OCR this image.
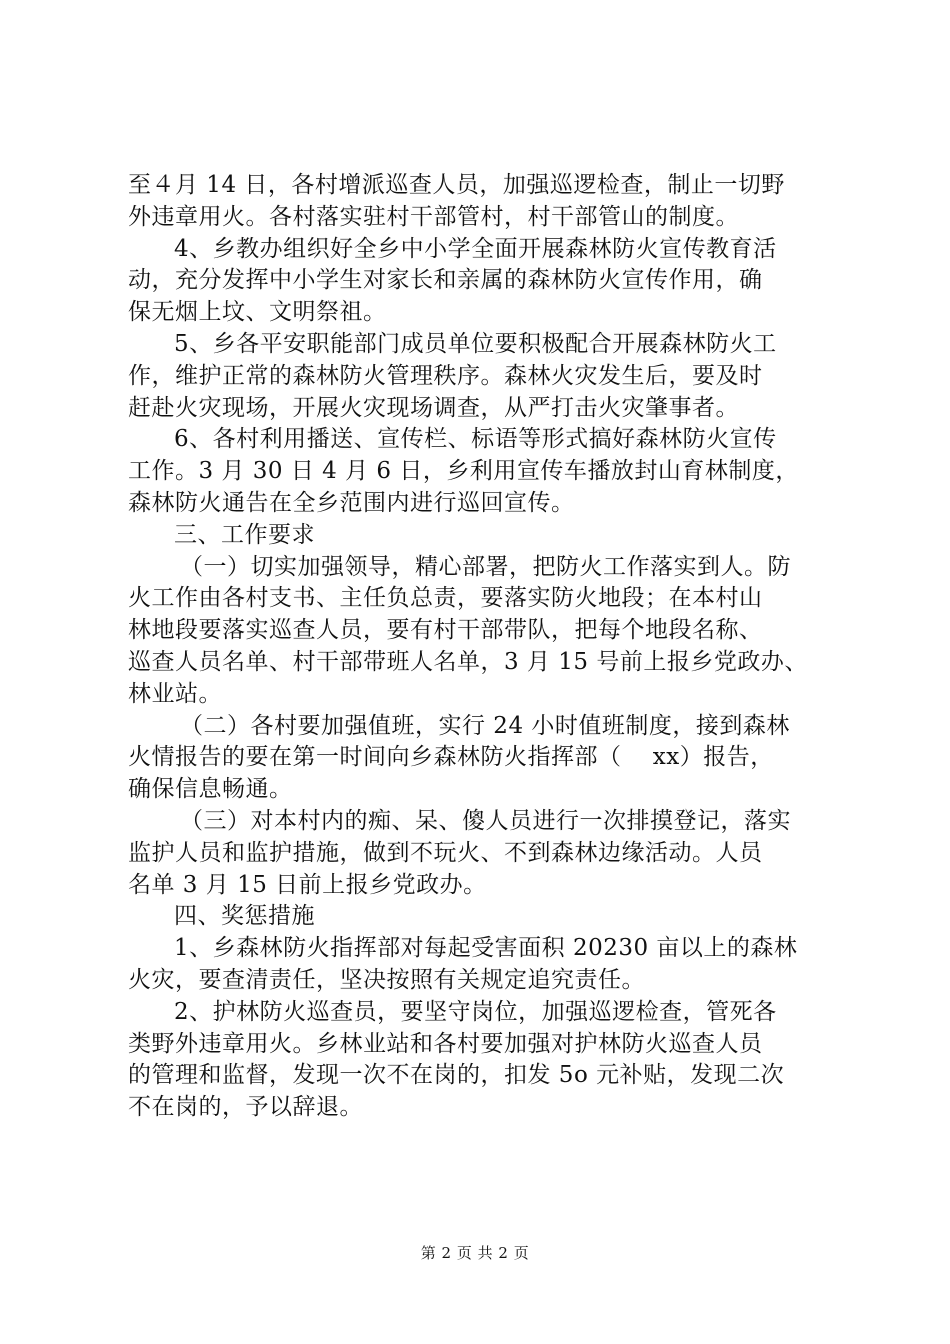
至４月 14 日，各村增派巡查人员，加强巡逻检查，制止一切野
外违章用火。各村落实驻村干部管村，村干部管山的制度。
4、乡教办组织好全乡中小学全面开展森林防火宣传教育活
动，充分发挥中小学生对家长和亲属的森林防火宣传作用，确
保无烟上坟、文明祭祖。
5、乡各平安职能部门成员单位要积极配合开展森林防火工
作，维护正常的森林防火管理秩序。森林火灾发生后，要及时
赶赴火灾现场，开展火灾现场调查，从严打击火灾肇事者。
6、各村利用播送、宣传栏、标语等形式搞好森林防火宣传
工作。3 月 30 日 4 月 6 日，乡利用宣传车播放封山育林制度，
森林防火通告在全乡范围内进行巡回宣传。
三、工作要求
（一）切实加强领导，精心部署，把防火工作落实到人。防
火工作由各村支书、主任负总责，要落实防火地段；在本村山
林地段要落实巡查人员，要有村干部带队，把每个地段名称、
巡查人员名单、村干部带班人名单，3 月 15 号前上报乡党政办、
林业站。
（二）各村要加强值班，实行 24 小时值班制度，接到森林
火情报告的要在第一时间向乡森林防火指挥部（　 xx）报告，
确保信息畅通。
（三）对本村内的痴、呆、傻人员进行一次排摸登记，落实
监护人员和监护措施，做到不玩火、不到森林边缘活动。人员
名单 3 月 15 日前上报乡党政办。
四、奖惩措施
1、乡森林防火指挥部对每起受害面积 20230 亩以上的森林
火灾，要查清责任，坚决按照有关规定追究责任。
2、护林防火巡查员，要坚守岗位，加强巡逻检查，管死各
类野外违章用火。乡林业站和各村要加强对护林防火巡查人员
的管理和监督，发现一次不在岗的，扣发 5o 元补贴，发现二次
不在岗的，予以辞退。
第 2 页 共 2 页
